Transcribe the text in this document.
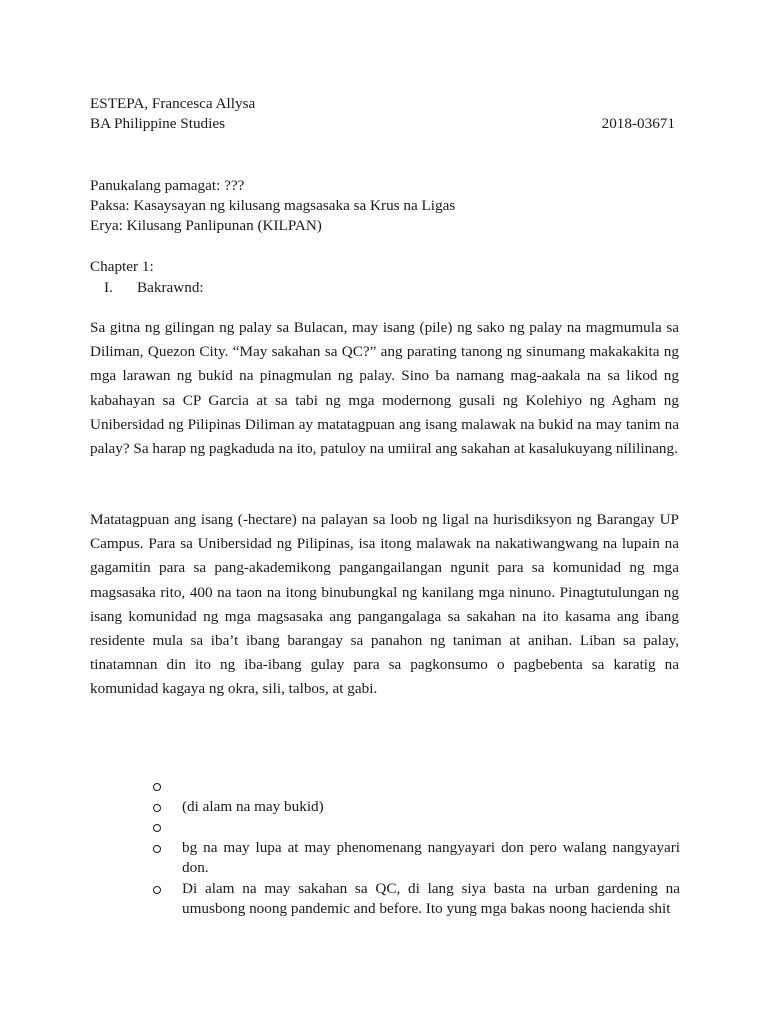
ESTEPA, Francesca Allysa
BA Philippine Studies	2018-03671
Panukalang pamagat: ???
Paksa: Kasaysayan ng kilusang magsasaka sa Krus na Ligas
Erya: Kilusang Panlipunan (KILPAN)
Chapter 1:
I. Bakrawnd:

Sa gitna ng gilingan ng palay sa Bulacan, may isang (pile) ng sako ng palay na magmumula sa Diliman, Quezon City. “May sakahan sa QC?” ang parating tanong ng sinumang makakakita ng mga larawan ng bukid na pinagmulan ng palay. Sino ba namang mag-aakala na sa likod ng kabahayan sa CP Garcia at sa tabi ng mga modernong gusali ng Kolehiyo ng Agham ng Unibersidad ng Pilipinas Diliman ay matatagpuan ang isang malawak na bukid na may tanim na palay? Sa harap ng pagkaduda na ito, patuloy na umiiral ang sakahan at kasalukuyang nililinang.

Matatagpuan ang isang (-hectare) na palayan sa loob ng ligal na hurisdiksyon ng Barangay UP Campus. Para sa Unibersidad ng Pilipinas, isa itong malawak na nakatiwangwang na lupain na gagamitin para sa pang-akademikong pangangailangan ngunit para sa komunidad ng mga magsasaka rito, 400 na taon na itong binubungkal ng kanilang mga ninuno. Pinagtutulungan ng isang komunidad ng mga magsasaka ang pangangalaga sa sakahan na ito kasama ang ibang residente mula sa iba’t ibang barangay sa panahon ng taniman at anihan. Liban sa palay, tinatamnan din ito ng iba-ibang gulay para sa pagkonsumo o pagbebenta sa karatig na komunidad kagaya ng okra, sili, talbos, at gabi.

(di alam na may bukid)
bg na may lupa at may phenomenang nangyayari don pero walang nangyayari don.
Di alam na may sakahan sa QC, di lang siya basta na urban gardening na umusbong noong pandemic and before. Ito yung mga bakas noong hacienda shit
